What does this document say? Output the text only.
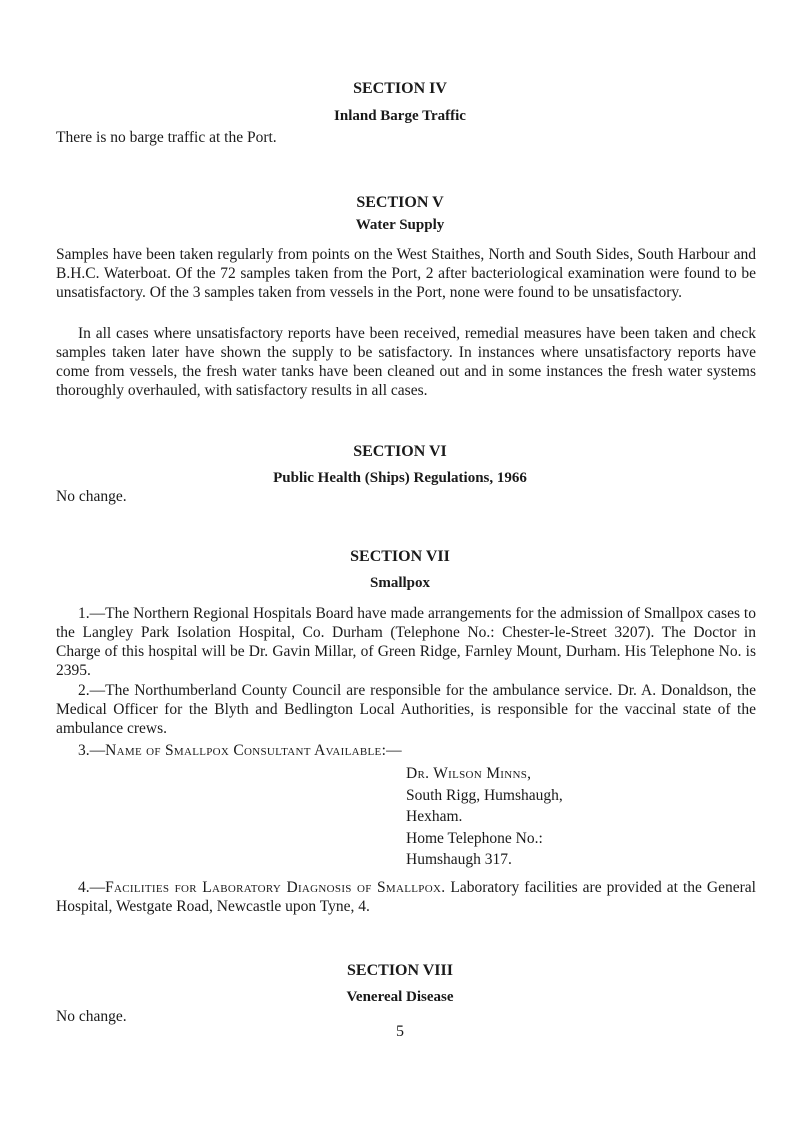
SECTION IV
Inland Barge Traffic
There is no barge traffic at the Port.
SECTION V
Water Supply
Samples have been taken regularly from points on the West Staithes, North and South Sides, South Harbour and B.H.C. Waterboat. Of the 72 samples taken from the Port, 2 after bacteriological examination were found to be unsatisfactory. Of the 3 samples taken from vessels in the Port, none were found to be unsatisfactory.
In all cases where unsatisfactory reports have been received, remedial measures have been taken and check samples taken later have shown the supply to be satisfactory. In instances where unsatisfactory reports have come from vessels, the fresh water tanks have been cleaned out and in some instances the fresh water systems thoroughly overhauled, with satisfactory results in all cases.
SECTION VI
Public Health (Ships) Regulations, 1966
No change.
SECTION VII
Smallpox
1.—The Northern Regional Hospitals Board have made arrangements for the admission of Smallpox cases to the Langley Park Isolation Hospital, Co. Durham (Telephone No.: Chester-le-Street 3207). The Doctor in Charge of this hospital will be Dr. Gavin Millar, of Green Ridge, Farnley Mount, Durham. His Telephone No. is 2395.
2.—The Northumberland County Council are responsible for the ambulance service. Dr. A. Donaldson, the Medical Officer for the Blyth and Bedlington Local Authorities, is responsible for the vaccinal state of the ambulance crews.
3.—Name of Smallpox Consultant Available:—
Dr. Wilson Minns,
South Rigg, Humshaugh,
Hexham.
Home Telephone No.:
Humshaugh 317.
4.—Facilities for Laboratory Diagnosis of Smallpox. Laboratory facilities are provided at the General Hospital, Westgate Road, Newcastle upon Tyne, 4.
SECTION VIII
Venereal Disease
No change.
5
